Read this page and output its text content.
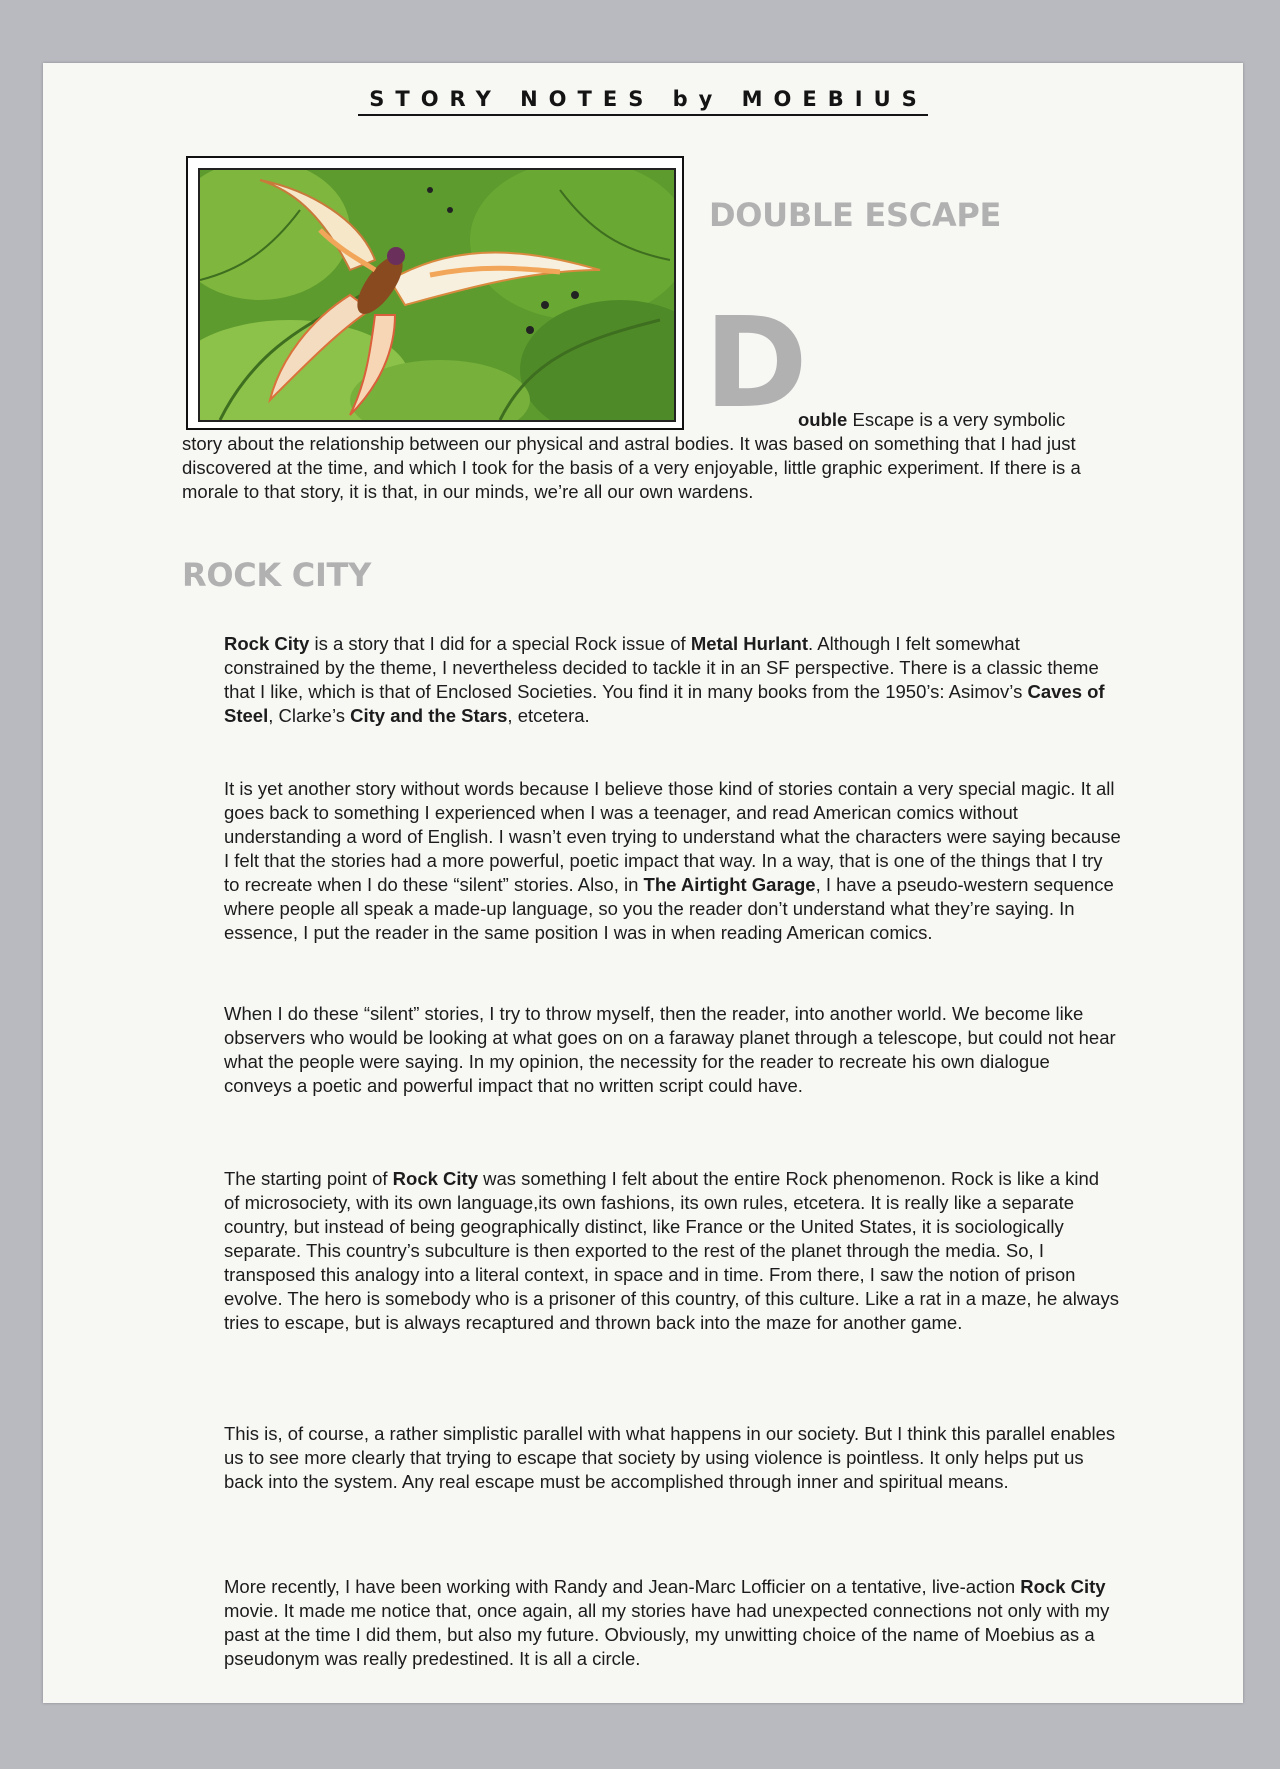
STORY NOTES by MOEBIUS
DOUBLE ESCAPE
D

ouble Escape is a very symbolic

story about the relationship between our physical and astral bodies. It was based on something that I had just discovered at the time, and which I took for the basis of a very enjoyable, little graphic experiment. If there is a morale to that story, it is that, in our minds, we’re all our own wardens.

ROCK CITY

Rock City is a story that I did for a special Rock issue of Metal Hurlant. Although I felt somewhat constrained by the theme, I nevertheless decided to tackle it in an SF perspective. There is a classic theme that I like, which is that of Enclosed Societies. You find it in many books from the 1950’s: Asimov’s Caves of Steel, Clarke’s City and the Stars, etcetera.

It is yet another story without words because I believe those kind of stories contain a very special magic. It all goes back to something I experienced when I was a teenager, and read American comics without understanding a word of English. I wasn’t even trying to understand what the characters were saying because I felt that the stories had a more powerful, poetic impact that way. In a way, that is one of the things that I try to recreate when I do these “silent” stories. Also, in The Airtight Garage, I have a pseudo-western sequence where people all speak a made-up language, so you the reader don’t understand what they’re saying. In essence, I put the reader in the same position I was in when reading American comics.

When I do these “silent” stories, I try to throw myself, then the reader, into another world. We become like observers who would be looking at what goes on on a faraway planet through a telescope, but could not hear what the people were saying. In my opinion, the necessity for the reader to recreate his own dialogue conveys a poetic and powerful impact that no written script could have.

The starting point of Rock City was something I felt about the entire Rock phenomenon. Rock is like a kind of microsociety, with its own language,its own fashions, its own rules, etcetera. It is really like a separate country, but instead of being geographically distinct, like France or the United States, it is sociologically separate. This country’s subculture is then exported to the rest of the planet through the media. So, I transposed this analogy into a literal context, in space and in time. From there, I saw the notion of prison evolve. The hero is somebody who is a prisoner of this country, of this culture. Like a rat in a maze, he always tries to escape, but is always recaptured and thrown back into the maze for another game.

This is, of course, a rather simplistic parallel with what happens in our society. But I think this parallel enables us to see more clearly that trying to escape that society by using violence is pointless. It only helps put us back into the system. Any real escape must be accomplished through inner and spiritual means.

More recently, I have been working with Randy and Jean-Marc Lofficier on a tentative, live-action Rock City movie. It made me notice that, once again, all my stories have had unexpected connections not only with my past at the time I did them, but also my future. Obviously, my unwitting choice of the name of Moebius as a pseudonym was really predestined. It is all a circle.
